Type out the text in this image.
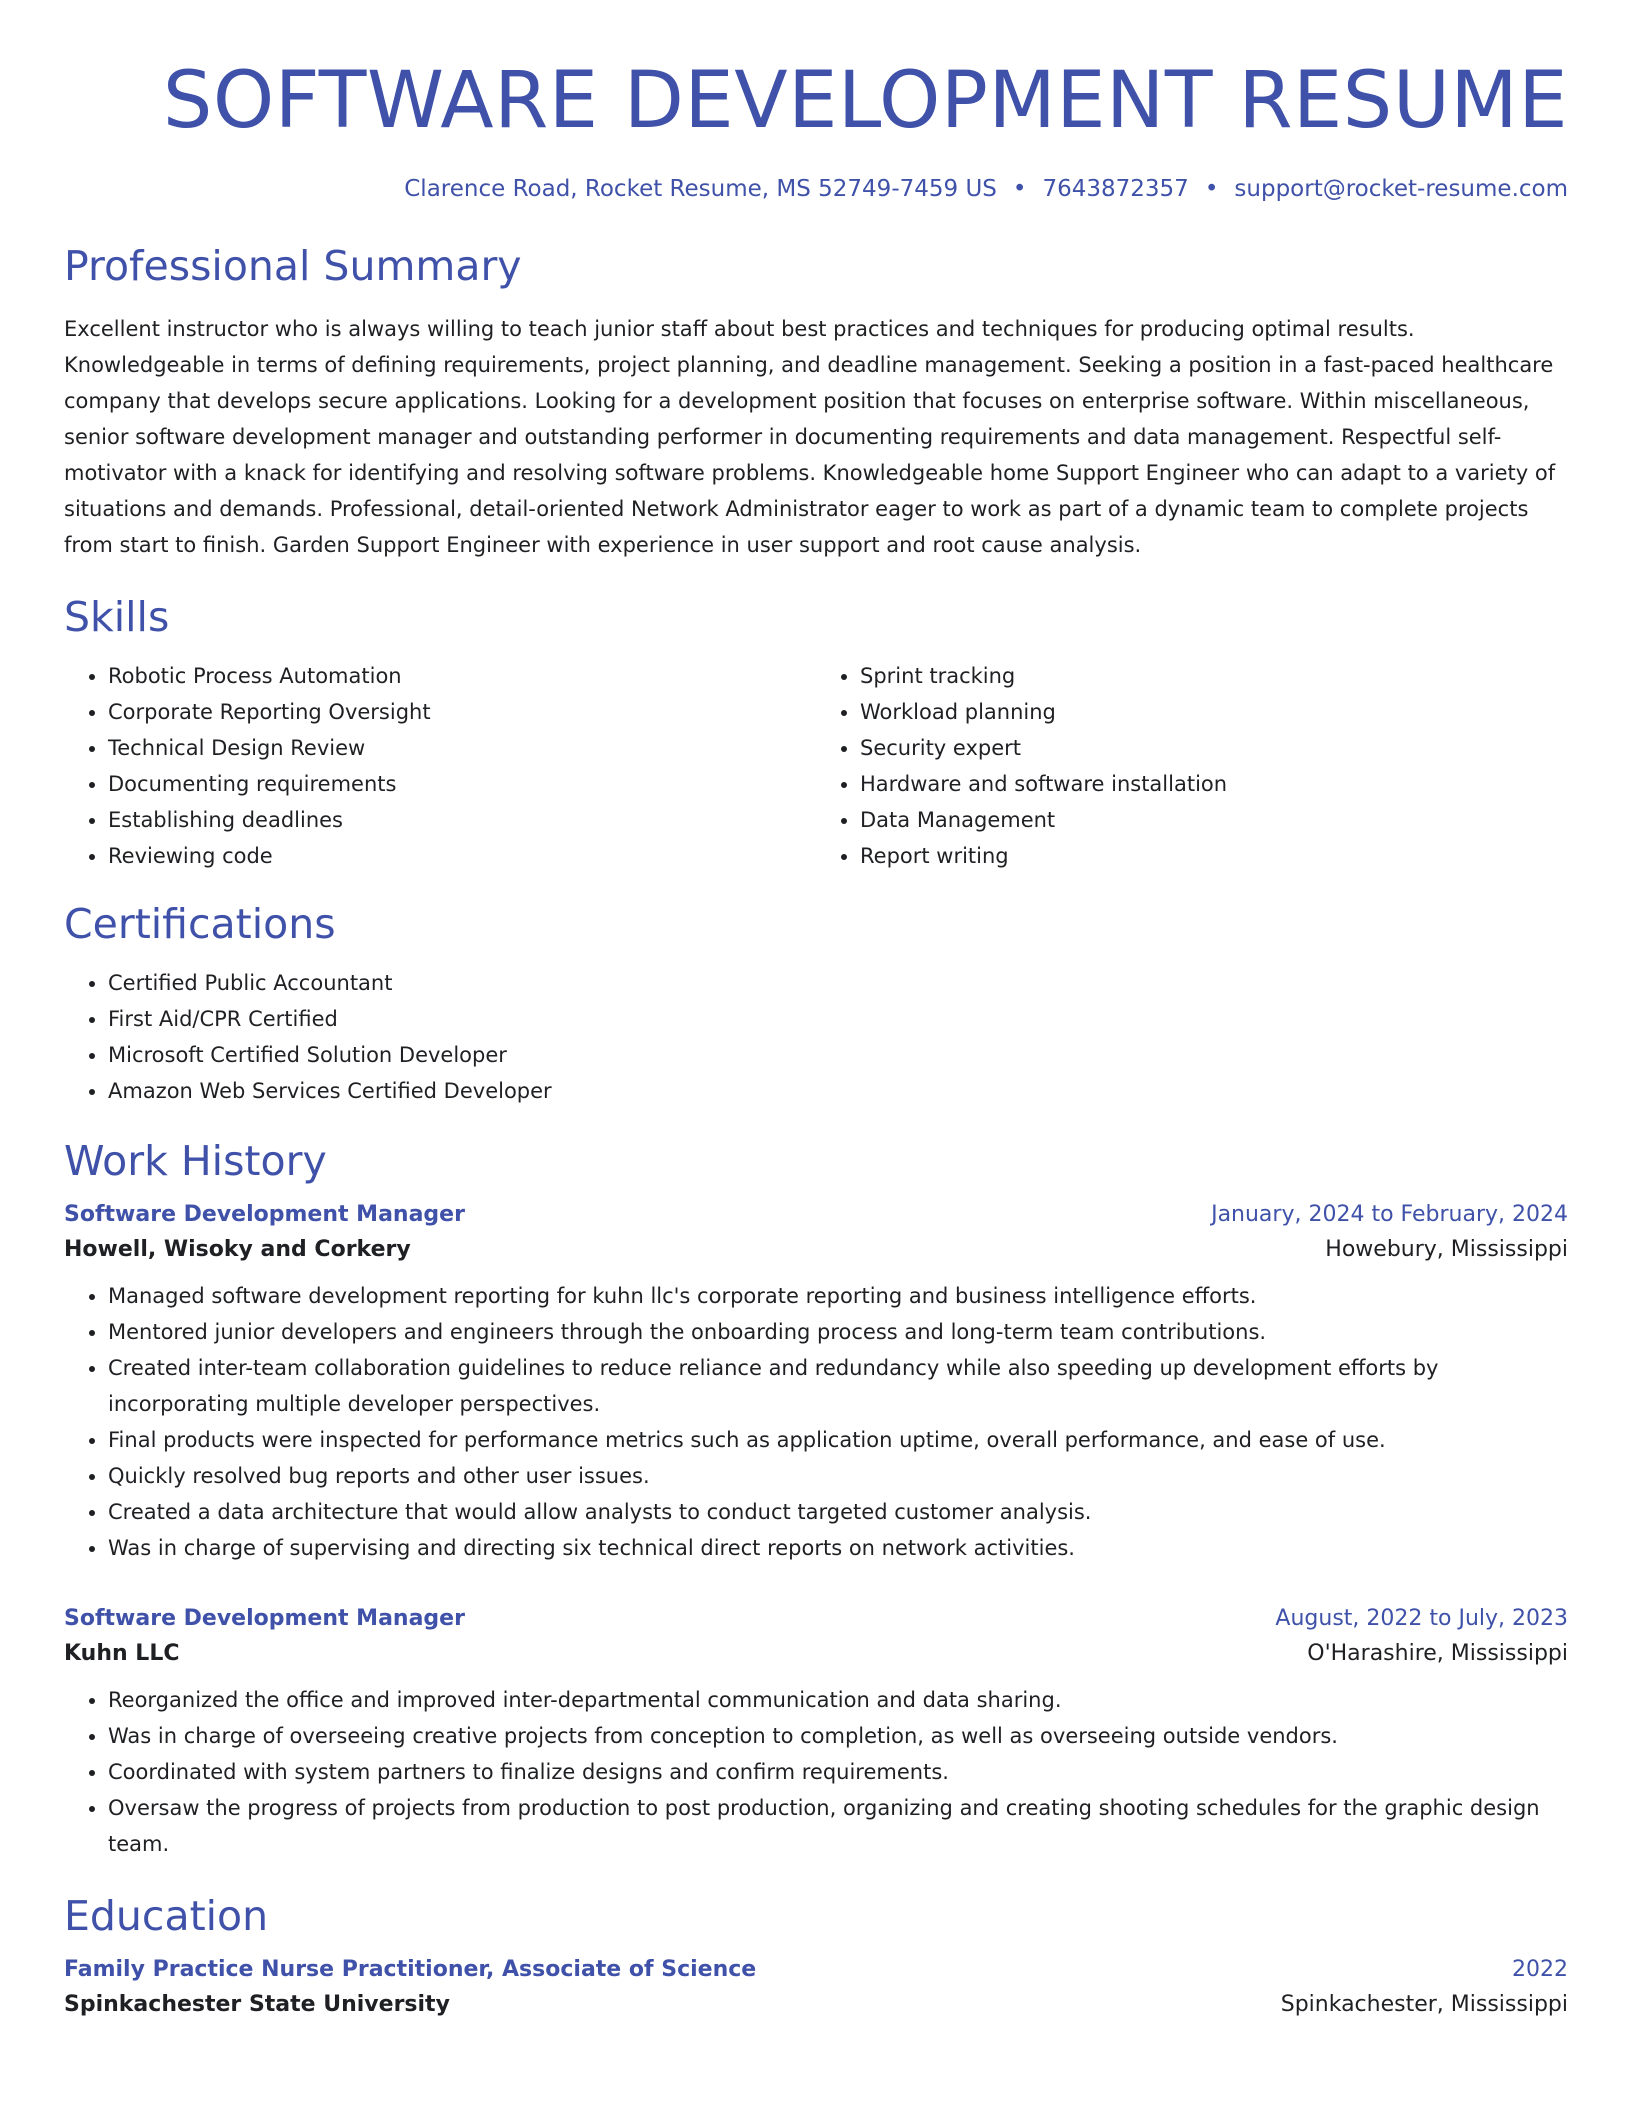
SOFTWARE DEVELOPMENT RESUME
Clarence Road, Rocket Resume, MS 52749-7459 US • 7643872357 • support@rocket-resume.com
Professional Summary
Excellent instructor who is always willing to teach junior staff about best practices and techniques for producing optimal results. Knowledgeable in terms of defining requirements, project planning, and deadline management. Seeking a position in a fast-paced healthcare company that develops secure applications. Looking for a development position that focuses on enterprise software. Within miscellaneous, senior software development manager and outstanding performer in documenting requirements and data management. Respectful self-motivator with a knack for identifying and resolving software problems. Knowledgeable home Support Engineer who can adapt to a variety of situations and demands. Professional, detail-oriented Network Administrator eager to work as part of a dynamic team to complete projects from start to finish. Garden Support Engineer with experience in user support and root cause analysis.
Skills
• Robotic Process Automation
• Corporate Reporting Oversight
• Technical Design Review
• Documenting requirements
• Establishing deadlines
• Reviewing code
• Sprint tracking
• Workload planning
• Security expert
• Hardware and software installation
• Data Management
• Report writing
Certifications
• Certified Public Accountant
• First Aid/CPR Certified
• Microsoft Certified Solution Developer
• Amazon Web Services Certified Developer
Work History
Software Development Manager	January, 2024 to February, 2024
Howell, Wisoky and Corkery	Howebury, Mississippi
• Managed software development reporting for kuhn llc's corporate reporting and business intelligence efforts.
• Mentored junior developers and engineers through the onboarding process and long-term team contributions.
• Created inter-team collaboration guidelines to reduce reliance and redundancy while also speeding up development efforts by incorporating multiple developer perspectives.
• Final products were inspected for performance metrics such as application uptime, overall performance, and ease of use.
• Quickly resolved bug reports and other user issues.
• Created a data architecture that would allow analysts to conduct targeted customer analysis.
• Was in charge of supervising and directing six technical direct reports on network activities.
Software Development Manager	August, 2022 to July, 2023
Kuhn LLC	O'Harashire, Mississippi
• Reorganized the office and improved inter-departmental communication and data sharing.
• Was in charge of overseeing creative projects from conception to completion, as well as overseeing outside vendors.
• Coordinated with system partners to finalize designs and confirm requirements.
• Oversaw the progress of projects from production to post production, organizing and creating shooting schedules for the graphic design team.
Education
Family Practice Nurse Practitioner, Associate of Science	2022
Spinkachester State University	Spinkachester, Mississippi
